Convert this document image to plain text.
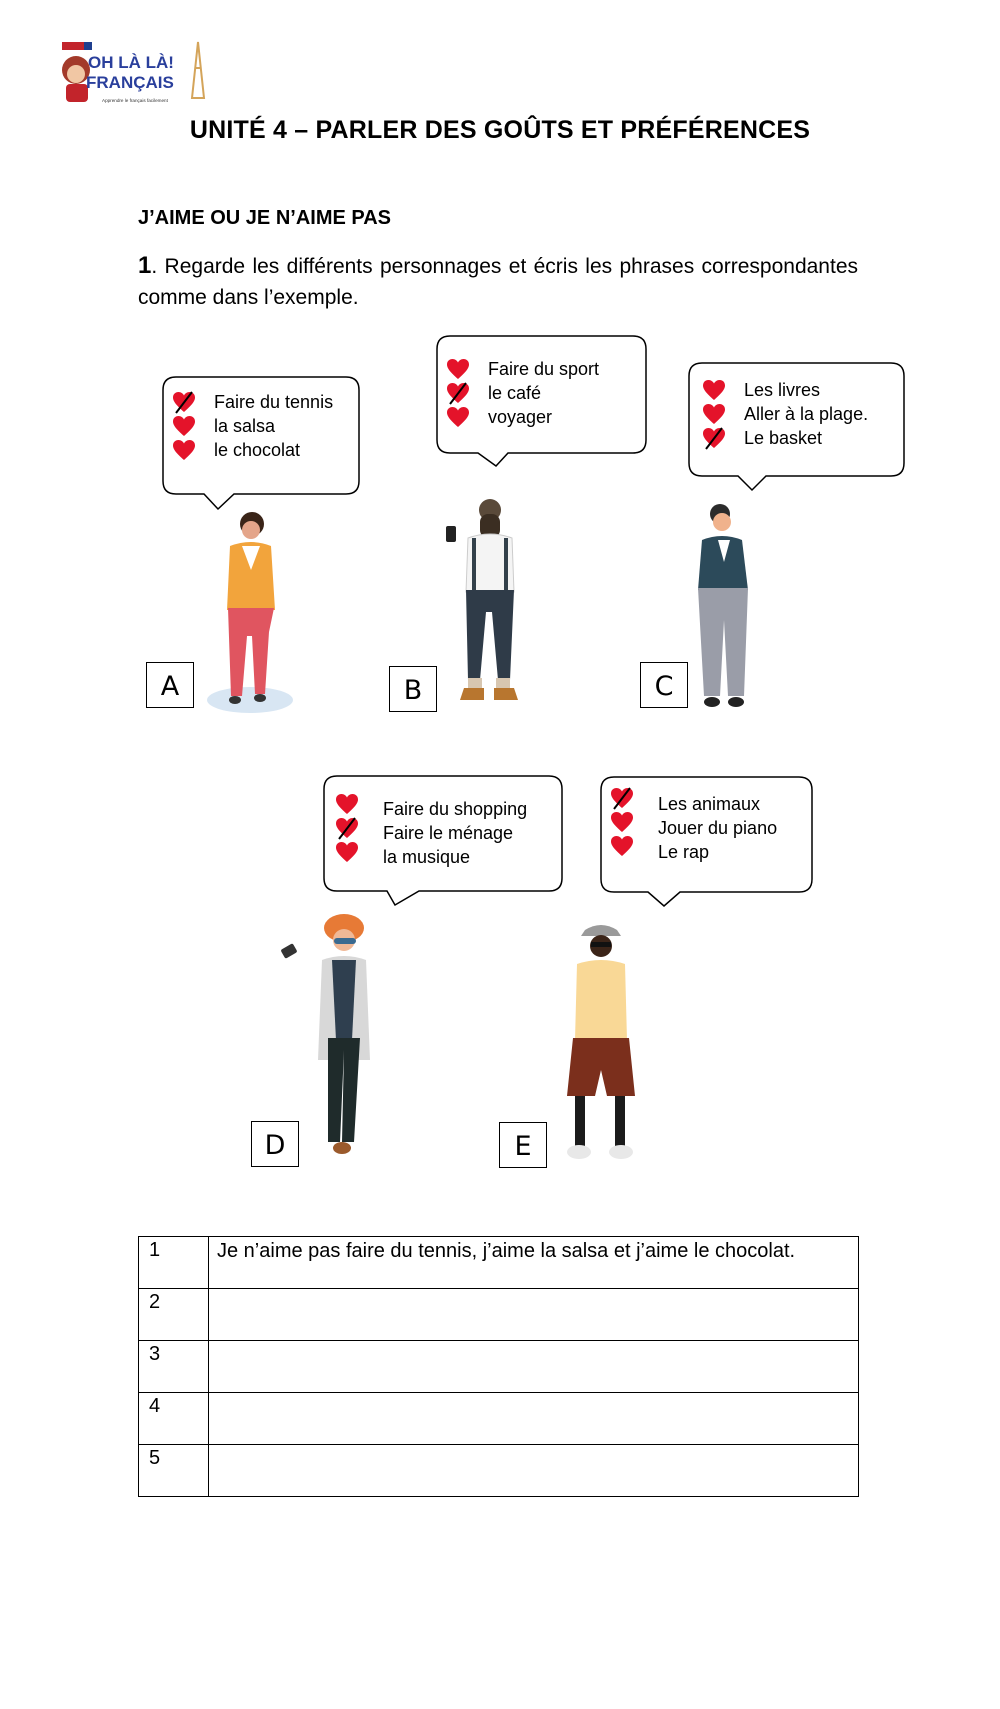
OH LÀ LÀ!
FRANÇAIS
Apprendre le français facilement
UNITÉ 4 – PARLER DES GOÛTS ET PRÉFÉRENCES
J’AIME OU JE N’AIME PAS
1. Regarde les différents personnages et écris les phrases correspondantes comme dans l’exemple.
Faire du tennis
la salsa
le chocolat
Faire du sport
le café
voyager
Les livres
Aller à la plage.
Le basket
Faire du shopping
Faire le ménage
la musique
Les animaux
Jouer du piano
Le rap
A	B	C
D	E
1	Je n’aime pas faire du tennis, j’aime la salsa et j’aime le chocolat.
2	
3	
4	
5	
